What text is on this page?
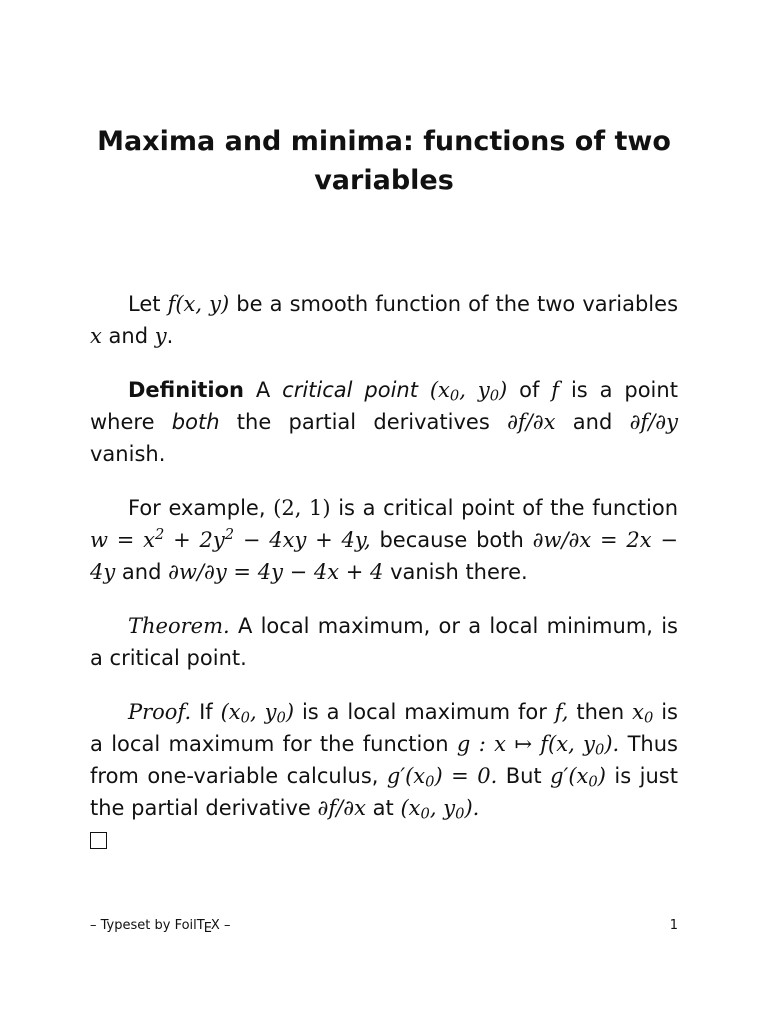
Maxima and minima: functions of two variables

Let f(x, y) be a smooth function of the two variables x and y.

Definition A critical point ($x_0$, $y_0$) of f is a point where both the partial derivatives ∂f/∂x and ∂f/∂y vanish.

For example, (2, 1) is a critical point of the function $w = x^2 + 2y^2 - 4xy + 4y$, because both ∂w/∂x = 2x − 4y and ∂w/∂y = 4y − 4x + 4 vanish there.

Theorem. A local maximum, or a local minimum, is a critical point.

Proof. If ($x_0$, $y_0$) is a local maximum for f, then $x_0$ is a local maximum for the function g : x ↦ f(x, $y_0$). Thus from one-variable calculus, $g'(x_0) = 0$. But $g'(x_0)$ is just the partial derivative ∂f/∂x at ($x_0$, $y_0$).

– Typeset by FoilTEX –	1
